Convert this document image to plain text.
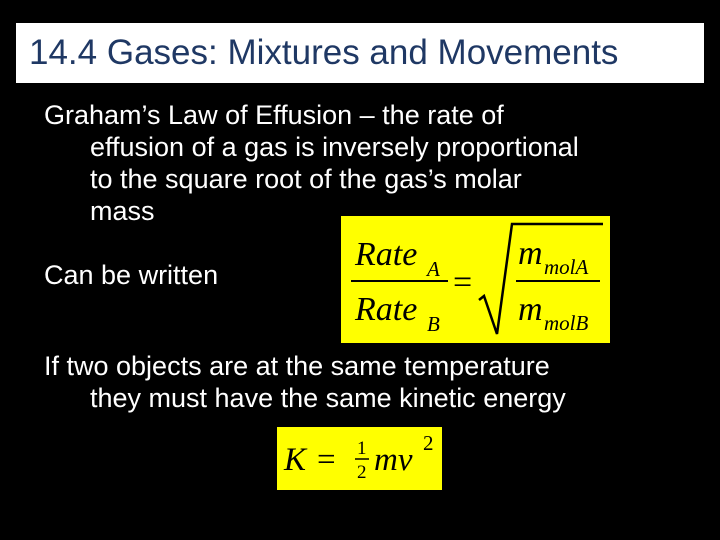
14.4 Gases: Mixtures and Movements
Graham’s Law of Effusion – the rate of
effusion of a gas is inversely proportional
to the square root of the gas’s molar
mass
Can be written
If two objects are at the same temperature
they must have the same kinetic energy
Rate A
Rate B
=
m molA
m molB
K = 1
2 mv 2
